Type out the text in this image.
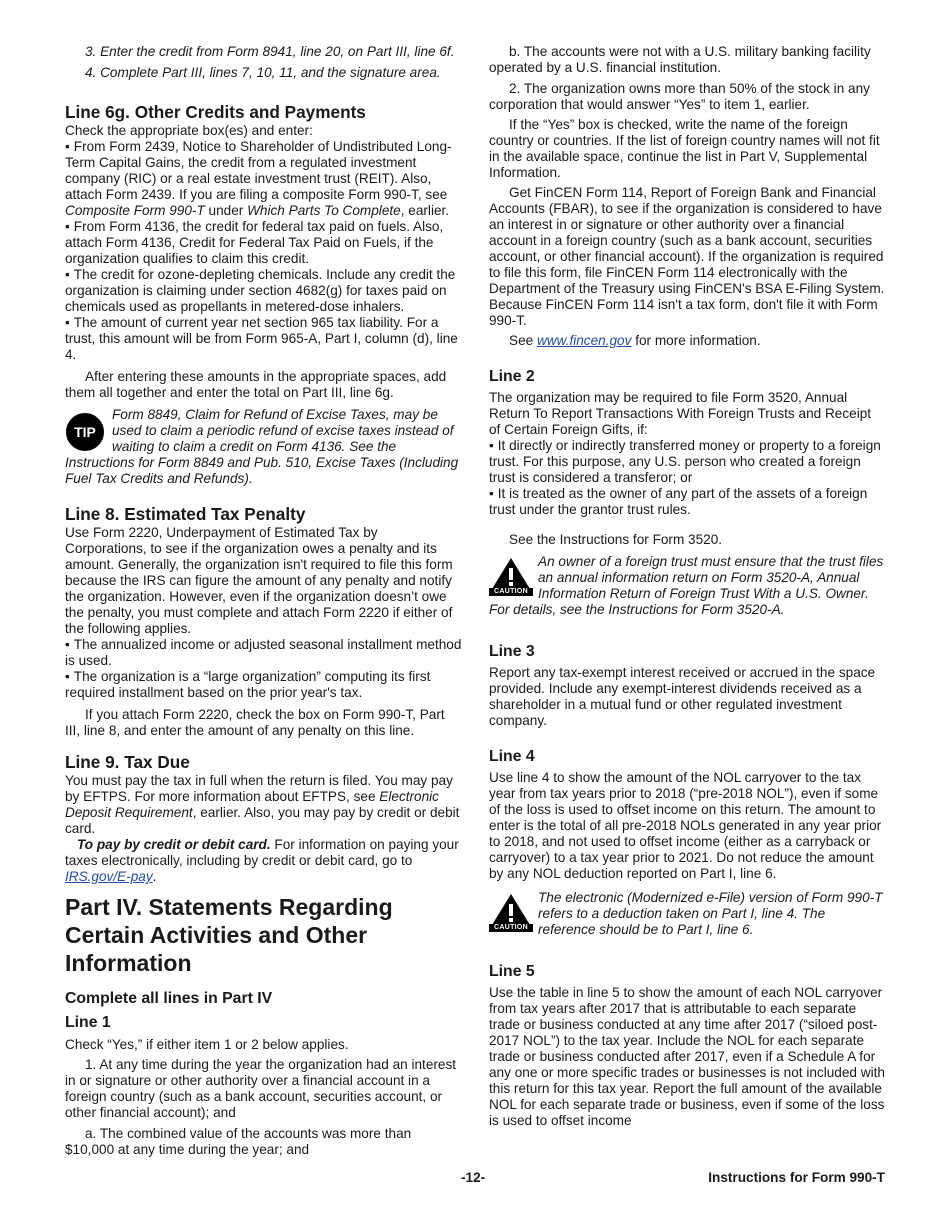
3. Enter the credit from Form 8941, line 20, on Part III, line 6f.

4. Complete Part III, lines 7, 10, 11, and the signature area.

Line 6g. Other Credits and Payments

Check the appropriate box(es) and enter:

• From Form 2439, Notice to Shareholder of Undistributed Long-Term Capital Gains, the credit from a regulated investment company (RIC) or a real estate investment trust (REIT). Also, attach Form 2439. If you are filing a composite Form 990-T, see Composite Form 990-T under Which Parts To Complete, earlier.

• From Form 4136, the credit for federal tax paid on fuels. Also, attach Form 4136, Credit for Federal Tax Paid on Fuels, if the organization qualifies to claim this credit.

• The credit for ozone-depleting chemicals. Include any credit the organization is claiming under section 4682(g) for taxes paid on chemicals used as propellants in metered-dose inhalers.

• The amount of current year net section 965 tax liability. For a trust, this amount will be from Form 965-A, Part I, column (d), line 4.

After entering these amounts in the appropriate spaces, add them all together and enter the total on Part III, line 6g.

TIP

Form 8849, Claim for Refund of Excise Taxes, may be used to claim a periodic refund of excise taxes instead of waiting to claim a credit on Form 4136. See the Instructions for Form 8849 and Pub. 510, Excise Taxes (Including Fuel Tax Credits and Refunds).

Line 8. Estimated Tax Penalty

Use Form 2220, Underpayment of Estimated Tax by Corporations, to see if the organization owes a penalty and its amount. Generally, the organization isn't required to file this form because the IRS can figure the amount of any penalty and notify the organization. However, even if the organization doesn’t owe the penalty, you must complete and attach Form 2220 if either of the following applies.

• The annualized income or adjusted seasonal installment method is used.

• The organization is a “large organization” computing its first required installment based on the prior year's tax.

If you attach Form 2220, check the box on Form 990-T, Part III, line 8, and enter the amount of any penalty on this line.

Line 9. Tax Due

You must pay the tax in full when the return is filed. You may pay by EFTPS. For more information about EFTPS, see Electronic Deposit Requirement, earlier. Also, you may pay by credit or debit card.

To pay by credit or debit card. For information on paying your taxes electronically, including by credit or debit card, go to IRS.gov/E-pay.

Part IV. Statements Regarding Certain Activities and Other Information
Complete all lines in Part IV
Line 1

Check “Yes,” if either item 1 or 2 below applies.

1. At any time during the year the organization had an interest in or signature or other authority over a financial account in a foreign country (such as a bank account, securities account, or other financial account); and

a. The combined value of the accounts was more than $10,000 at any time during the year; and

b. The accounts were not with a U.S. military banking facility operated by a U.S. financial institution.

2. The organization owns more than 50% of the stock in any corporation that would answer “Yes” to item 1, earlier.

If the “Yes” box is checked, write the name of the foreign country or countries. If the list of foreign country names will not fit in the available space, continue the list in Part V, Supplemental Information.

Get FinCEN Form 114, Report of Foreign Bank and Financial Accounts (FBAR), to see if the organization is considered to have an interest in or signature or other authority over a financial account in a foreign country (such as a bank account, securities account, or other financial account). If the organization is required to file this form, file FinCEN Form 114 electronically with the Department of the Treasury using FinCEN's BSA E-Filing System. Because FinCEN Form 114 isn't a tax form, don't file it with Form 990-T.

See www.fincen.gov for more information.

Line 2

The organization may be required to file Form 3520, Annual Return To Report Transactions With Foreign Trusts and Receipt of Certain Foreign Gifts, if:

• It directly or indirectly transferred money or property to a foreign trust. For this purpose, any U.S. person who created a foreign trust is considered a transferor; or

• It is treated as the owner of any part of the assets of a foreign trust under the grantor trust rules.

See the Instructions for Form 3520.

CAUTION

An owner of a foreign trust must ensure that the trust files an annual information return on Form 3520-A, Annual Information Return of Foreign Trust With a U.S. Owner. For details, see the Instructions for Form 3520-A.

Line 3

Report any tax-exempt interest received or accrued in the space provided. Include any exempt-interest dividends received as a shareholder in a mutual fund or other regulated investment company.

Line 4

Use line 4 to show the amount of the NOL carryover to the tax year from tax years prior to 2018 (“pre-2018 NOL”), even if some of the loss is used to offset income on this return. The amount to enter is the total of all pre-2018 NOLs generated in any year prior to 2018, and not used to offset income (either as a carryback or carryover) to a tax year prior to 2021. Do not reduce the amount by any NOL deduction reported on Part I, line 6.

CAUTION

The electronic (Modernized e-File) version of Form 990-T refers to a deduction taken on Part I, line 4. The reference should be to Part I, line 6.

Line 5

Use the table in line 5 to show the amount of each NOL carryover from tax years after 2017 that is attributable to each separate trade or business conducted at any time after 2017 (“siloed post-2017 NOL”) to the tax year. Include the NOL for each separate trade or business conducted after 2017, even if a Schedule A for any one or more specific trades or businesses is not included with this return for this tax year. Report the full amount of the available NOL for each separate trade or business, even if some of the loss is used to offset income

-12-	Instructions for Form 990-T
